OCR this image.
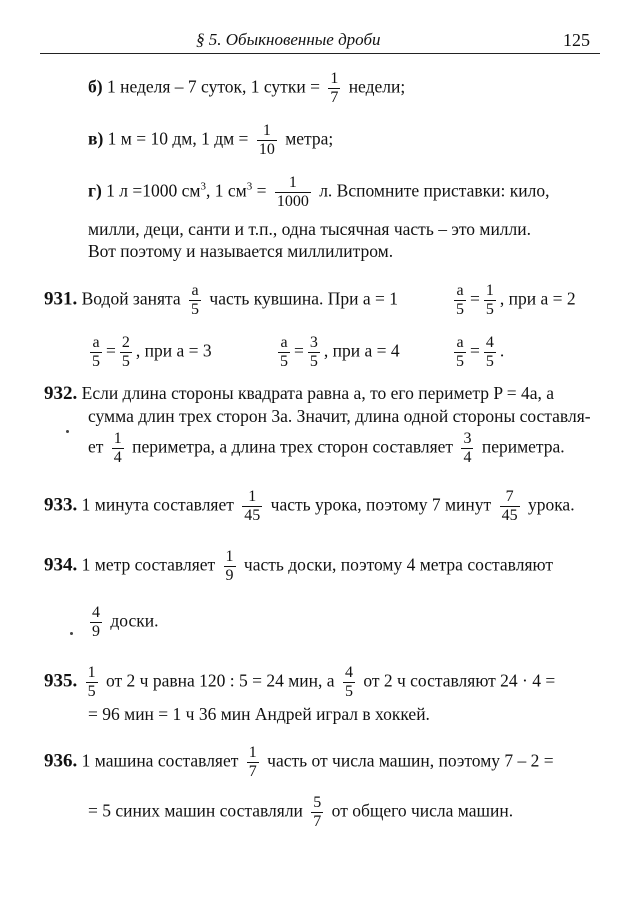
§ 5. Обыкновенные дроби	125
б) 1 неделя – 7 суток, 1 сутки = $\frac{1}{7}$ недели;
в) 1 м = 10 дм, 1 дм = $\frac{1}{10}$ метра;
г) 1 л =1000 $см^3$, 1 $см^3 = \frac{1}{1000} л$. Вспомните приставки: кило,
милли, деци, санти и т.п., одна тысячная часть – это милли.
Вот поэтому и называется миллилитром.
931. Водой занята $\frac{a}{5}$ часть кувшина. При a = 1	$\frac{a}{5} = \frac{1}{5}$ , при a = 2
$\frac{a}{5} = \frac{2}{5}$ , при a = 3	$\frac{a}{5} = \frac{3}{5}$ , при a = 4	$\frac{a}{5} = \frac{4}{5}$ .
932. Если длина стороны квадрата равна a, то его периметр P = 4a, а
сумма длин трех сторон 3a. Значит, длина одной стороны составля-
ет $\frac{1}{4}$ периметра, а длина трех сторон составляет $\frac{3}{4}$ периметра.
933. 1 минута составляет $\frac{1}{45}$ часть урока, поэтому 7 минут $\frac{7}{45}$ урока.
934. 1 метр составляет $\frac{1}{9}$ часть доски, поэтому 4 метра составляют
$\frac{4}{9}$ доски.
935. $\frac{1}{5}$ от 2 ч равна 120 : 5 = 24 мин, а $\frac{4}{5}$ от 2 ч составляют 24 · 4 =
= 96 мин = 1 ч 36 мин Андрей играл в хоккей.
936. 1 машина составляет $\frac{1}{7}$ часть от числа машин, поэтому 7 – 2 =
= 5 синих машин составляли $\frac{5}{7}$ от общего числа машин.
